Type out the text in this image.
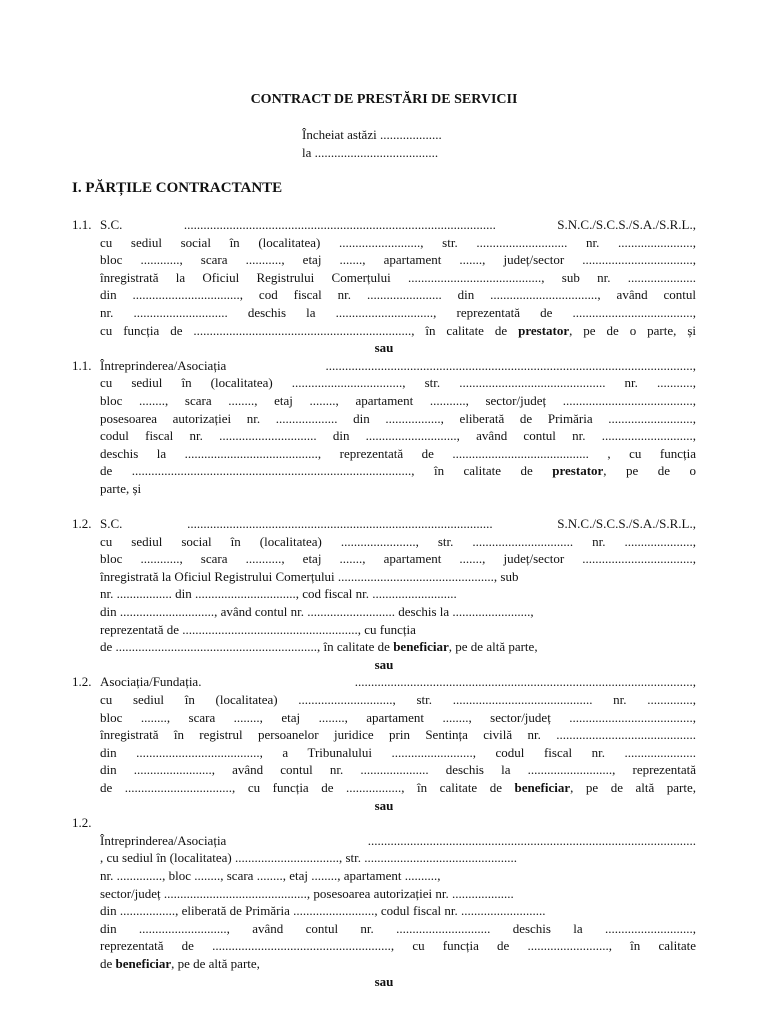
CONTRACT DE PRESTĂRI DE SERVICII
Încheiat astăzi ...................
la ......................................
I. PĂRȚILE CONTRACTANTE
1.1. S.C. ................................................................................................ S.N.C./S.C.S./S.A./S.R.L.,
cu sediul social în (localitatea) ........................., str. ............................ nr. .......................,
bloc ............, scara ..........., etaj ......., apartament ......., județ/sector ..................................,
înregistrată la Oficiul Registrului Comerțului ........................................., sub nr. .....................
din ................................., cod fiscal nr. ....................... din ................................., având contul
nr. ............................. deschis la .............................., reprezentată de .....................................,
cu funcția de ..................................................................., în calitate de prestator, pe de o parte, și
sau
1.1. Întreprinderea/Asociația .................................................................................................................,
cu sediul în (localitatea) .................................., str. ............................................. nr. ...........,
bloc ........, scara ........, etaj ........, apartament ..........., sector/județ ........................................,
posesoarea autorizației nr. ................... din ................., eliberată de Primăria ..........................,
codul fiscal nr. .............................. din ............................, având contul nr. ............................,
deschis la ........................................., reprezentată de .......................................... , cu funcția
de ......................................................................................, în calitate de prestator, pe de o
parte, și
1.2. S.C. .............................................................................................. S.N.C./S.C.S./S.A./S.R.L.,
cu sediul social în (localitatea) ......................., str. ............................... nr. .....................,
bloc ............, scara ..........., etaj ......., apartament ......., județ/sector ..................................,
înregistrată la Oficiul Registrului Comerțului ................................................, sub
nr. ................. din ..............................., cod fiscal nr. ..........................
din ............................., având contul nr. ........................... deschis la ........................,
reprezentată de ......................................................, cu funcția
de .............................................................., în calitate de beneficiar, pe de altă parte,
sau
1.2. Asociația/Fundația. ........................................................................................................,
cu sediul în (localitatea) ............................., str. ........................................... nr. ..............,
bloc ........, scara ........, etaj ........, apartament ........, sector/județ ......................................,
înregistrată în registrul persoanelor juridice prin Sentința civilă nr. ...........................................
din ......................................, a Tribunalului ........................., codul fiscal nr. ......................
din ........................, având contul nr. ..................... deschis la .........................., reprezentată
de ................................., cu funcția de ................., în calitate de beneficiar, pe de altă parte,
sau
1.2.
Întreprinderea/Asociația .....................................................................................................
, cu sediul în (localitatea) ................................, str. ...............................................
nr. .............., bloc ........, scara ........, etaj ........, apartament ..........,
sector/județ ............................................, posesoarea autorizației nr. ...................
din ................., eliberată de Primăria ........................., codul fiscal nr. ..........................
din ..........................., având contul nr. ............................. deschis la ...........................,
reprezentată de ......................................................., cu funcția de ........................., în calitate
de beneficiar, pe de altă parte,
sau
